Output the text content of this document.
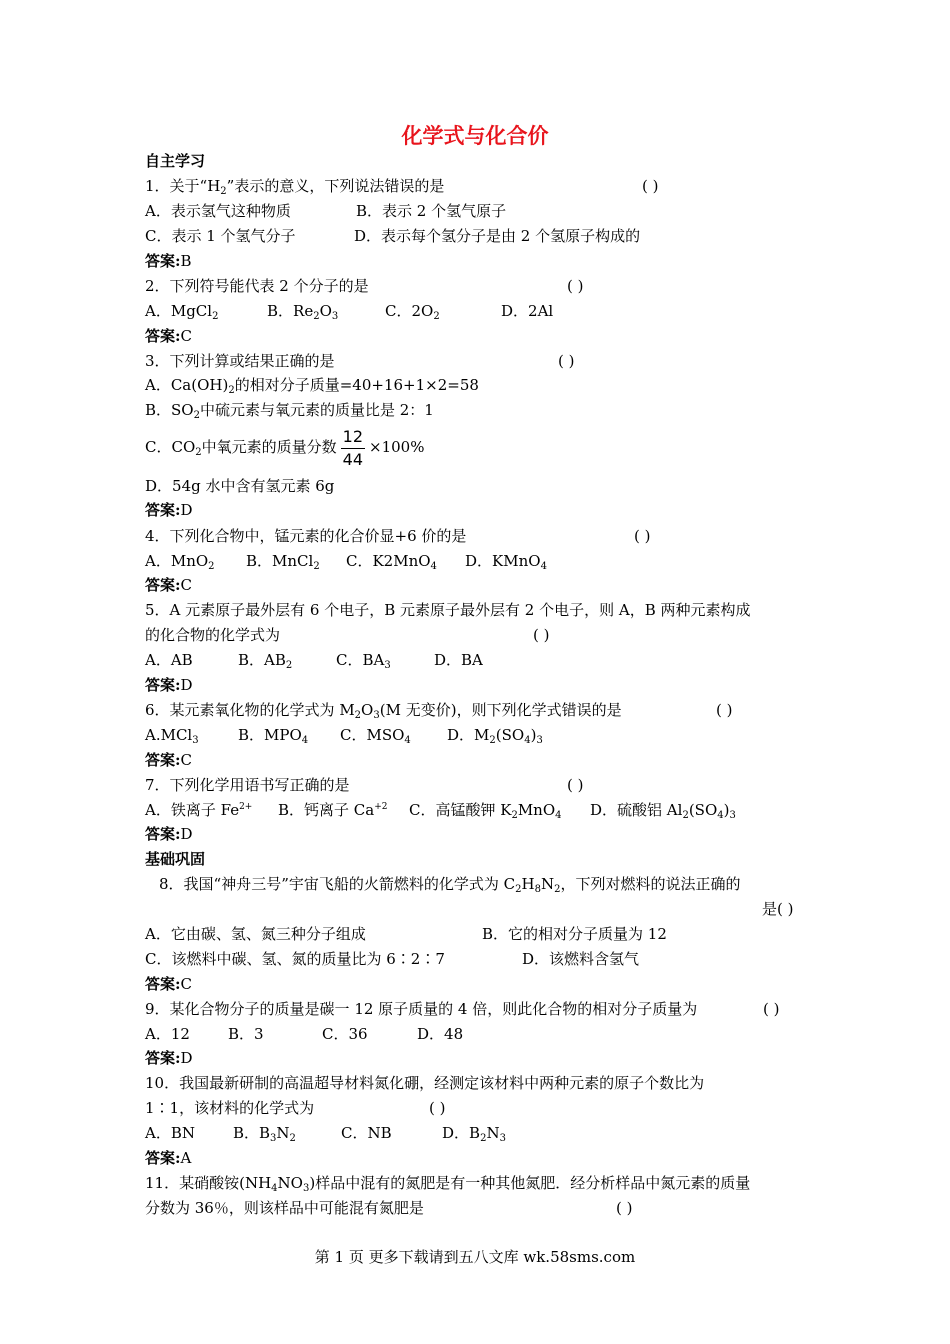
化学式与化合价
自主学习
1．关于“$H_2$”表示的意义，下列说法错误的是	( )
A．表示氢气这种物质	B．表示 2 个氢气原子
C．表示 1 个氢气分子	D．表示每个氢分子是由 2 个氢原子构成的
答案:B
2．下列符号能代表 2 个分子的是	( )
A．MgCl$_2$	B．$Re_2O_3$	C．$2O_2$	D．2Al
答案:C
3．下列计算或结果正确的是	( )
A．$Ca(OH)_2$的相对分子质量=40+16+1×2=58
B．$SO_2$中硫元素与氧元素的质量比是 2：1
C．$CO_2$中氧元素的质量分数 $\frac{12}{44} \times 100\%$
D．54g 水中含有氢元素 6g
答案:D
4．下列化合物中，锰元素的化合价显+6 价的是	( )
A．MnO$_2$ B．MnCl$_2$ C．K2MnO$_4$ D．KMnO$_4$
答案:C
5．A 元素原子最外层有 6 个电子，B 元素原子最外层有 2 个电子，则 A，B 两种元素构成
的化合物的化学式为	( )
A．AB	B．$AB_2$	C．$BA_3$	D．BA
答案:D
6．某元素氧化物的化学式为 $M_2O_3(M$ 无变价)，则下列化学式错误的是	( )
A.MCl$_3$	B．$MPO_4$ C．$MSO_4$ D．$M_2(SO_4)_3$
答案:C
7．下列化学用语书写正确的是	( )
A．铁离子 $Fe^{2+}$ B．钙离子 $Ca^{+2}$ C．高锰酸钾 $K_2MnO_4$ D．硫酸铝 $Al_2(SO_4)_3$
答案:D
基础巩固
8．我国“神舟三号”宇宙飞船的火箭燃料的化学式为 $C_2H_8N_2$，下列对燃料的说法正确的
是( )
A．它由碳、氢、氮三种分子组成	B．它的相对分子质量为 12
C．该燃料中碳、氢、氮的质量比为 6∶2∶7	D．该燃料含氢气
答案:C
9．某化合物分子的质量是碳一 12 原子质量的 4 倍，则此化合物的相对分子质量为	( )
A．12	B．3	C．36	D．48
答案:D
10．我国最新研制的高温超导材料氮化硼，经测定该材料中两种元素的原子个数比为
1∶1，该材料的化学式为	( )
A．BN	B．$B_3N_2$	C．NB	D．$B_2N_3$
答案:A
11．某硝酸铵$(NH_4NO_3)$样品中混有的氮肥是有一种其他氮肥．经分析样品中氮元素的质量
分数为 36％，则该样品中可能混有氮肥是	( )
第 1 页 更多下载请到五八文库 wk.58sms.com
